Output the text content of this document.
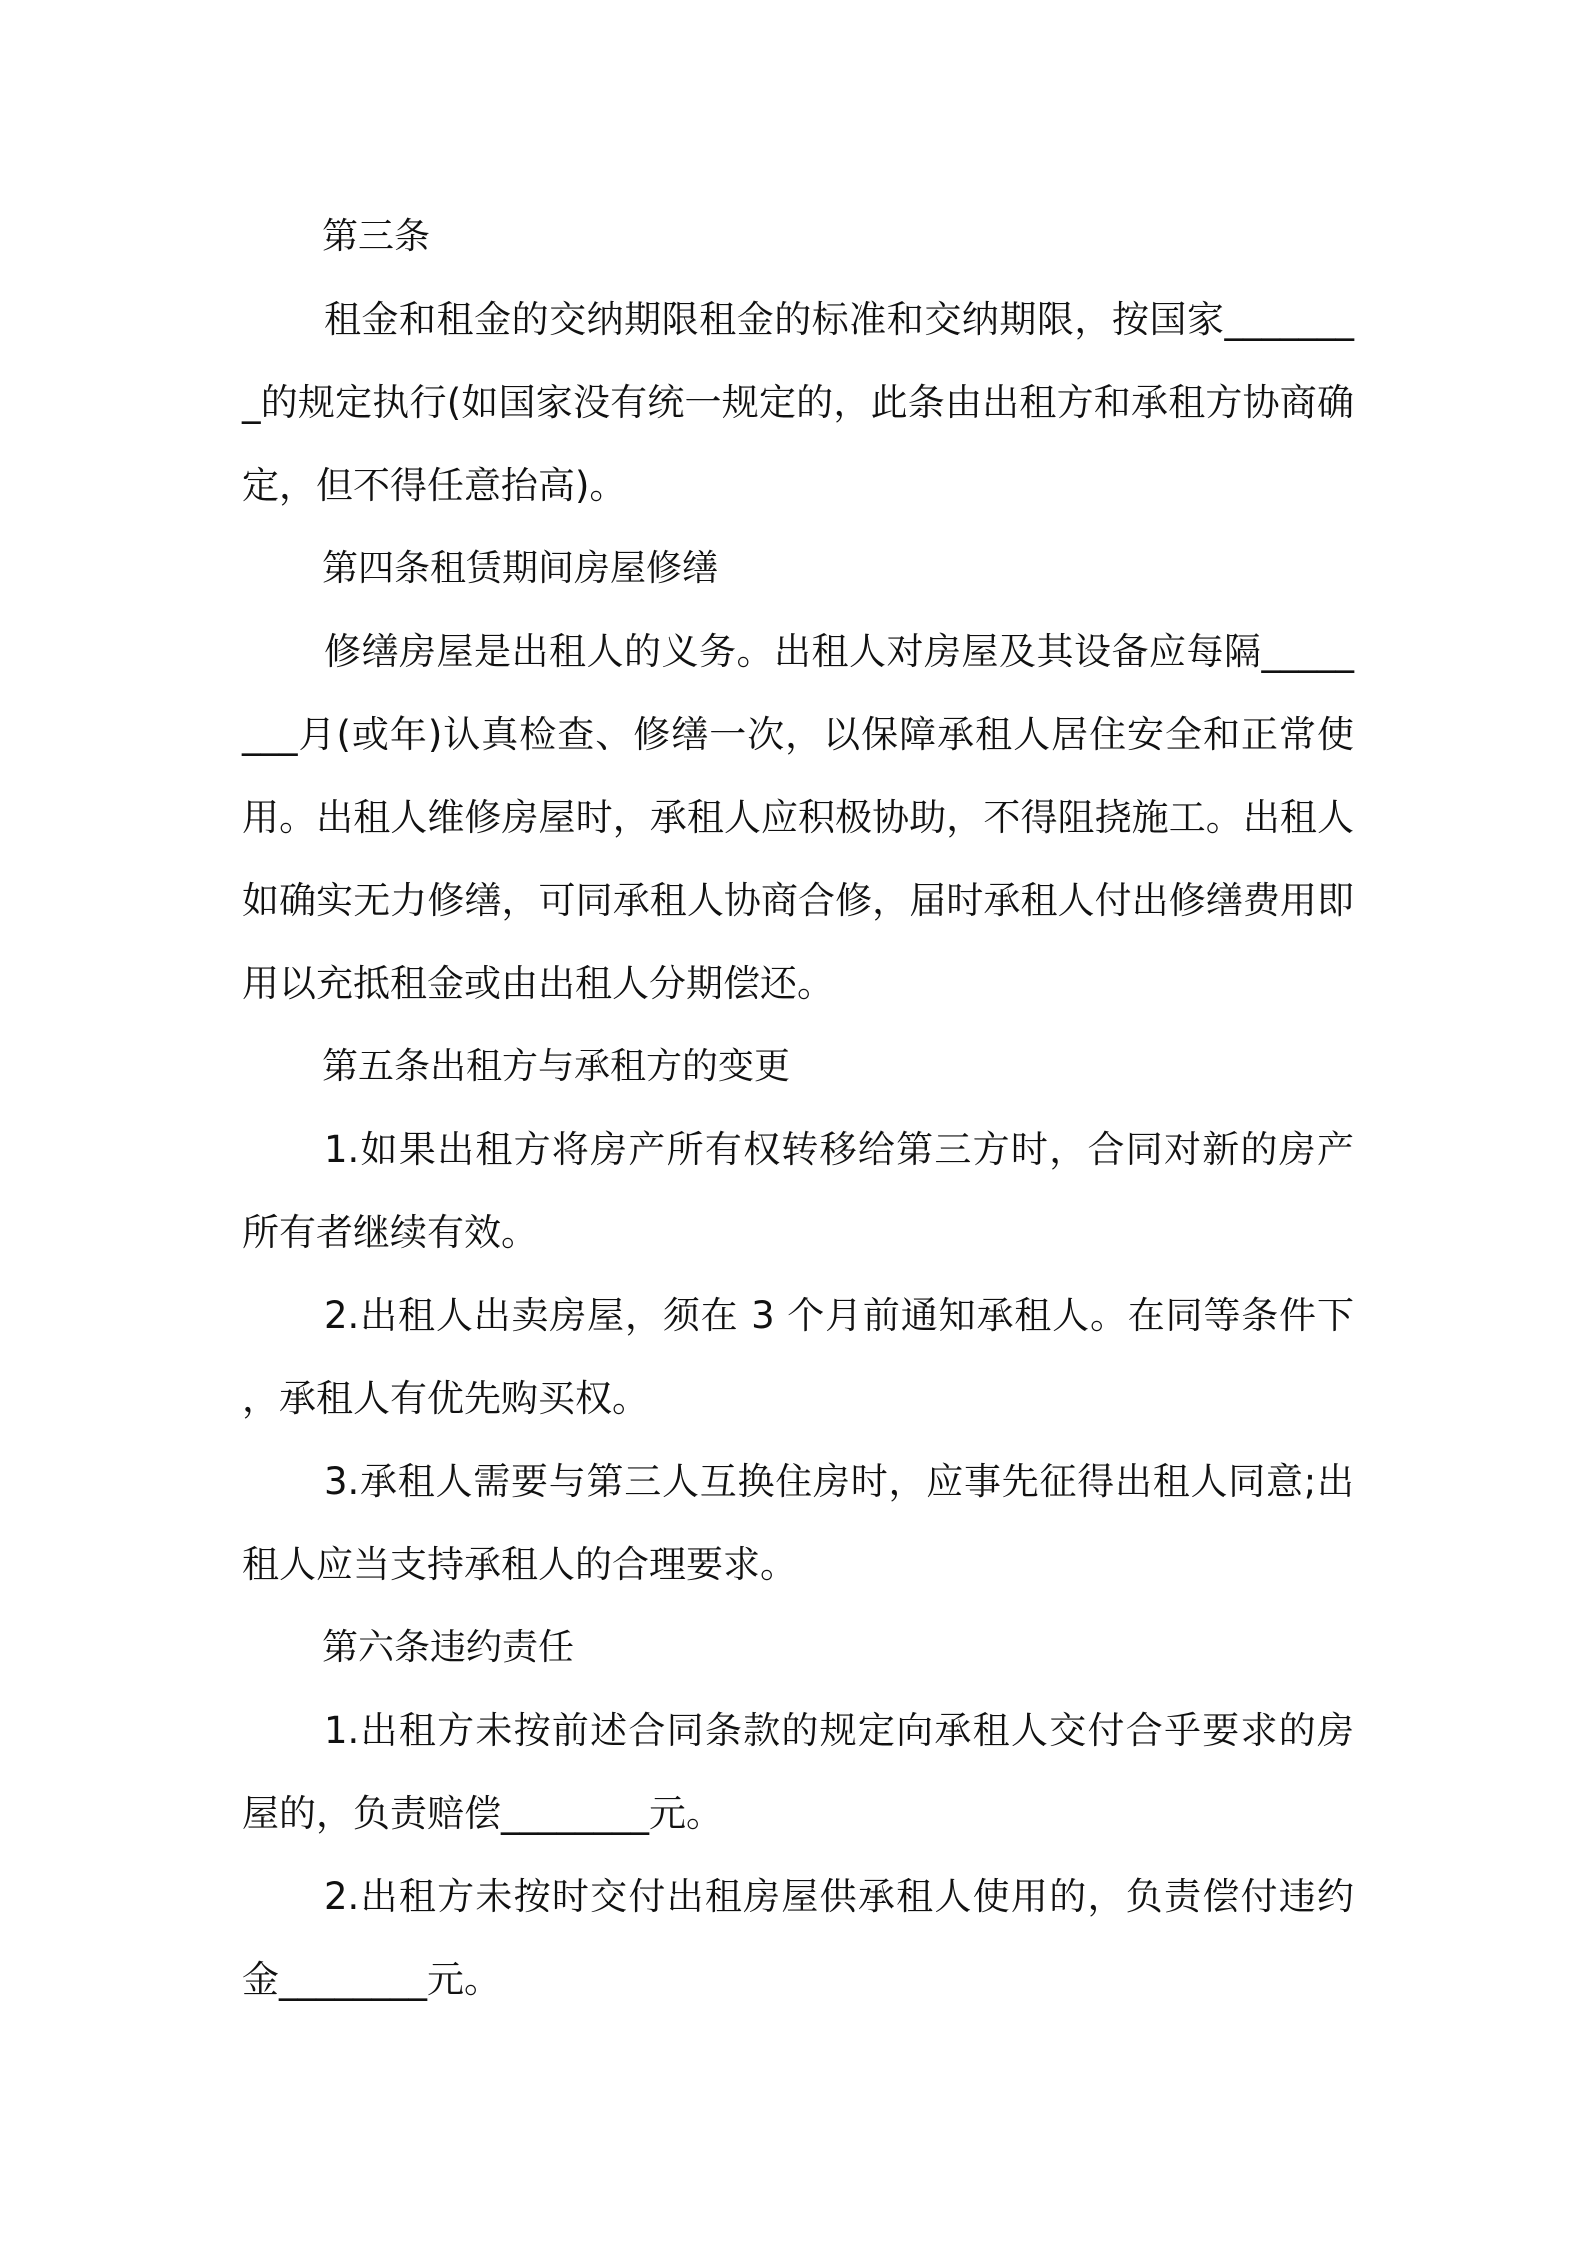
第三条

租金和租金的交纳期限租金的标准和交纳期限，按国家________的规定执行(如国家没有统一规定的，此条由出租方和承租方协商确定，但不得任意抬高)。

第四条租赁期间房屋修缮

修缮房屋是出租人的义务。出租人对房屋及其设备应每隔________月(或年)认真检查、修缮一次，以保障承租人居住安全和正常使用。出租人维修房屋时，承租人应积极协助，不得阻挠施工。出租人如确实无力修缮，可同承租人协商合修，届时承租人付出修缮费用即用以充抵租金或由出租人分期偿还。

第五条出租方与承租方的变更

1.如果出租方将房产所有权转移给第三方时，合同对新的房产所有者继续有效。

2.出租人出卖房屋，须在 3 个月前通知承租人。在同等条件下，承租人有优先购买权。

3.承租人需要与第三人互换住房时，应事先征得出租人同意;出租人应当支持承租人的合理要求。

第六条违约责任

1.出租方未按前述合同条款的规定向承租人交付合乎要求的房屋的，负责赔偿________元。

2.出租方未按时交付出租房屋供承租人使用的，负责偿付违约金________元。
